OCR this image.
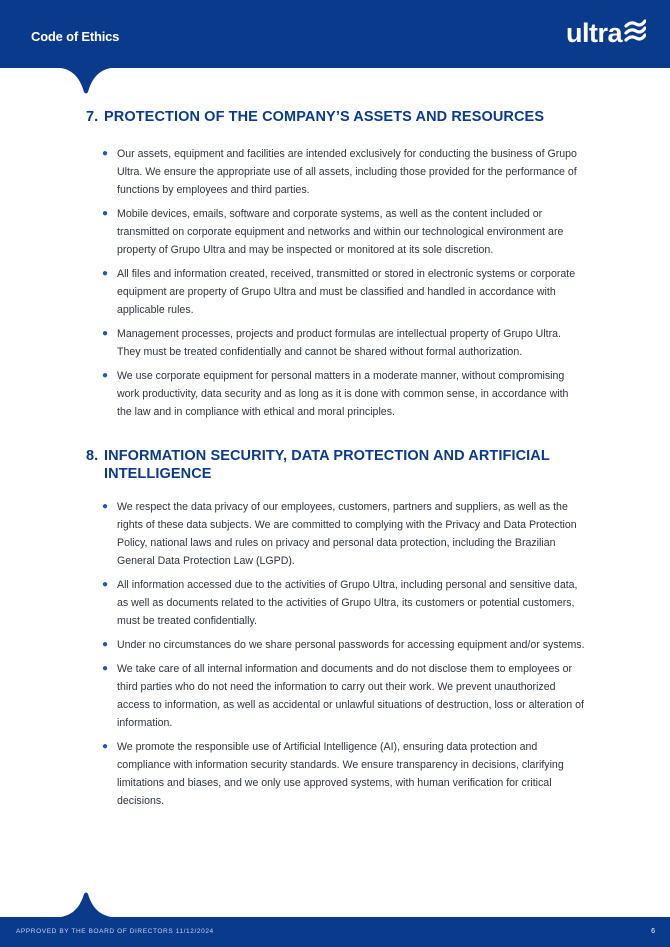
Code of Ethics	ultra
7. PROTECTION OF THE COMPANY’S ASSETS AND RESOURCES
● Our assets, equipment and facilities are intended exclusively for conducting the business of Grupo Ultra. We ensure the appropriate use of all assets, including those provided for the performance of functions by employees and third parties.
● Mobile devices, emails, software and corporate systems, as well as the content included or transmitted on corporate equipment and networks and within our technological environment are property of Grupo Ultra and may be inspected or monitored at its sole discretion.
● All files and information created, received, transmitted or stored in electronic systems or corporate equipment are property of Grupo Ultra and must be classified and handled in accordance with applicable rules.
● Management processes, projects and product formulas are intellectual property of Grupo Ultra. They must be treated confidentially and cannot be shared without formal authorization.
● We use corporate equipment for personal matters in a moderate manner, without compromising work productivity, data security and as long as it is done with common sense, in accordance with the law and in compliance with ethical and moral principles.
8. INFORMATION SECURITY, DATA PROTECTION AND ARTIFICIAL INTELLIGENCE
● We respect the data privacy of our employees, customers, partners and suppliers, as well as the rights of these data subjects. We are committed to complying with the Privacy and Data Protection Policy, national laws and rules on privacy and personal data protection, including the Brazilian General Data Protection Law (LGPD).
● All information accessed due to the activities of Grupo Ultra, including personal and sensitive data, as well as documents related to the activities of Grupo Ultra, its customers or potential customers, must be treated confidentially.
● Under no circumstances do we share personal passwords for accessing equipment and/or systems.
● We take care of all internal information and documents and do not disclose them to employees or third parties who do not need the information to carry out their work. We prevent unauthorized access to information, as well as accidental or unlawful situations of destruction, loss or alteration of information.
● We promote the responsible use of Artificial Intelligence (AI), ensuring data protection and compliance with information security standards. We ensure transparency in decisions, clarifying limitations and biases, and we only use approved systems, with human verification for critical decisions.
APPROVED BY THE BOARD OF DIRECTORS 11/12/2024	6
